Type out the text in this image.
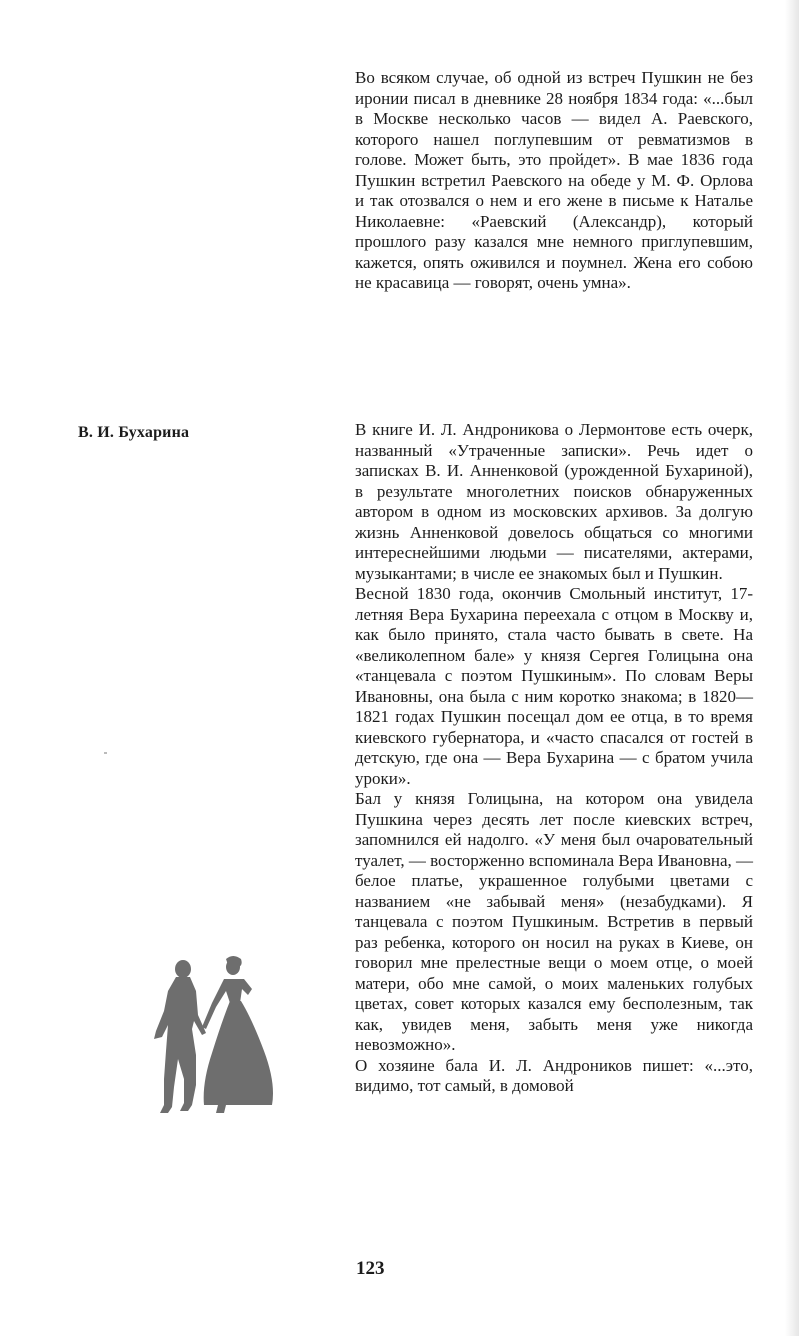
Во всяком случае, об одной из встреч Пушкин не без иронии писал в дневнике 28 ноября 1834 года: «...был в Москве несколько часов — видел А. Раевского, которого нашел поглупевшим от ревматизмов в голове. Может быть, это пройдет». В мае 1836 года Пушкин встретил Раевского на обеде у М. Ф. Орлова и так отозвался о нем и его жене в письме к Наталье Николаевне: «Раевский (Александр), который прошлого разу казался мне немного приглупевшим, кажется, опять оживился и поумнел. Жена его собою не красавица — говорят, очень умна».

В. И. Бухарина	В книге И. Л. Андроникова о Лермонтове есть очерк, названный «Утраченные записки». Речь идет о записках В. И. Анненковой (урожденной Бухариной), в результате многолетних поисков обнаруженных автором в одном из московских архивов. За долгую жизнь Анненковой довелось общаться со многими интереснейшими людьми — писателями, актерами, музыкантами; в числе ее знакомых был и Пушкин.

Весной 1830 года, окончив Смольный институт, 17-летняя Вера Бухарина переехала с отцом в Москву и, как было принято, стала часто бывать в свете. На «великолепном бале» у князя Сергея Голицына она «танцевала с поэтом Пушкиным». По словам Веры Ивановны, она была с ним коротко знакома; в 1820—1821 годах Пушкин посещал дом ее отца, в то время киевского губернатора, и «часто спасался от гостей в детскую, где она — Вера Бухарина — с братом учила уроки».

Бал у князя Голицына, на котором она увидела Пушкина через десять лет после киевских встреч, запомнился ей надолго. «У меня был очаровательный туалет, — восторженно вспоминала Вера Ивановна, — белое платье, украшенное голубыми цветами с названием «не забывай меня» (незабудками). Я танцевала с поэтом Пушкиным. Встретив в первый раз ребенка, которого он носил на руках в Киеве, он говорил мне прелестные вещи о моем отце, о моей матери, обо мне самой, о моих маленьких голубых цветах, совет которых казался ему бесполезным, так как, увидев меня, забыть меня уже никогда невозможно».

О хозяине бала И. Л. Андроников пишет: «...это, видимо, тот самый, в домовой

123
